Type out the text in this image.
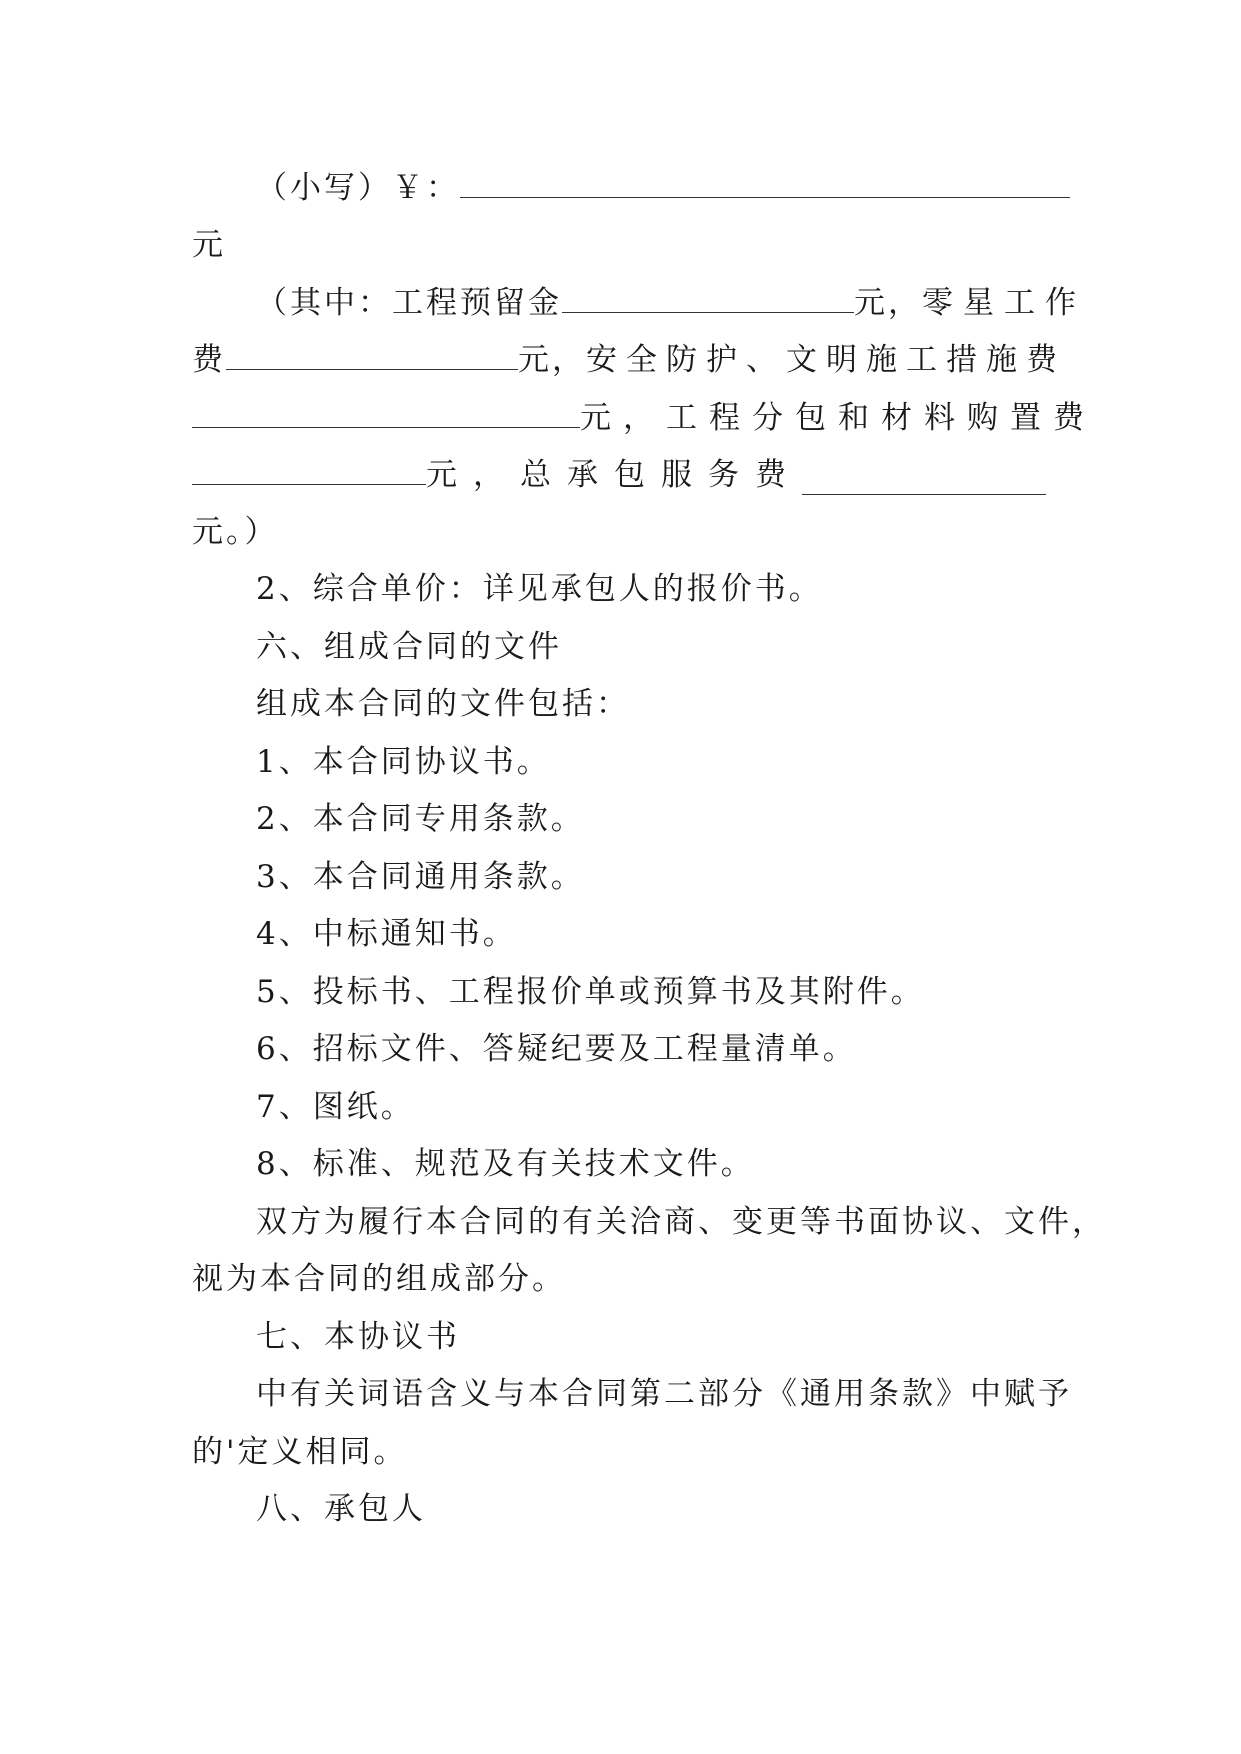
（小写）￥：
元
（其中：工程预留金	元， 零星工作
费	元， 安全防护、文明施工措施费
元， 工程分包和材料购置费
元，总承包服务费
元。）
2、综合单价：详见承包人的报价书。
六、组成合同的文件
组成本合同的文件包括：
1、本合同协议书。
2、本合同专用条款。
3、本合同通用条款。
4、中标通知书。
5、投标书、工程报价单或预算书及其附件。
6、招标文件、答疑纪要及工程量清单。
7、图纸。
8、标准、规范及有关技术文件。
双方为履行本合同的有关洽商、变更等书面协议、文件，
视为本合同的组成部分。
七、本协议书
中有关词语含义与本合同第二部分《通用条款》中赋予
的'定义相同。
八、承包人
